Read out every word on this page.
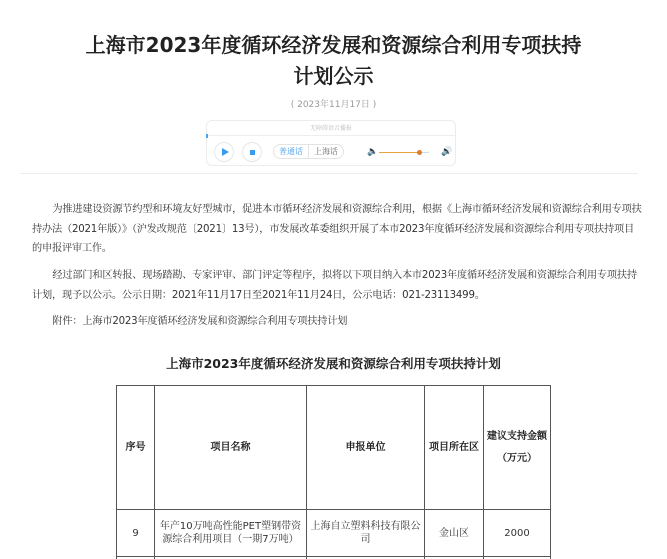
上海市2023年度循环经济发展和资源综合利用专项扶持
计划公示
( 2023年11月17日 )
无障碍语音播报
普通话	上海话	🔈	🔊

为推进建设资源节约型和环境友好型城市，促进本市循环经济发展和资源综合利用，根据《上海市循环经济发展和资源综合利用专项扶持办法（2021年版）》（沪发改规范〔2021〕13号），市发展改革委组织开展了本市2023年度循环经济发展和资源综合利用专项扶持项目的申报评审工作。

经过部门和区转报、现场踏勘、专家评审、部门评定等程序，拟将以下项目纳入本市2023年度循环经济发展和资源综合利用专项扶持计划，现予以公示。公示日期：2021年11月17日至2021年11月24日，公示电话：021-23113499。

附件：上海市2023年度循环经济发展和资源综合利用专项扶持计划

上海市2023年度循环经济发展和资源综合利用专项扶持计划
序号	项目名称	申报单位	项目所在区	建议支持金额（万元）
9	年产10万吨高性能PET塑钢带资源综合利用项目（一期7万吨）	上海自立塑料科技有限公司	金山区	2000
